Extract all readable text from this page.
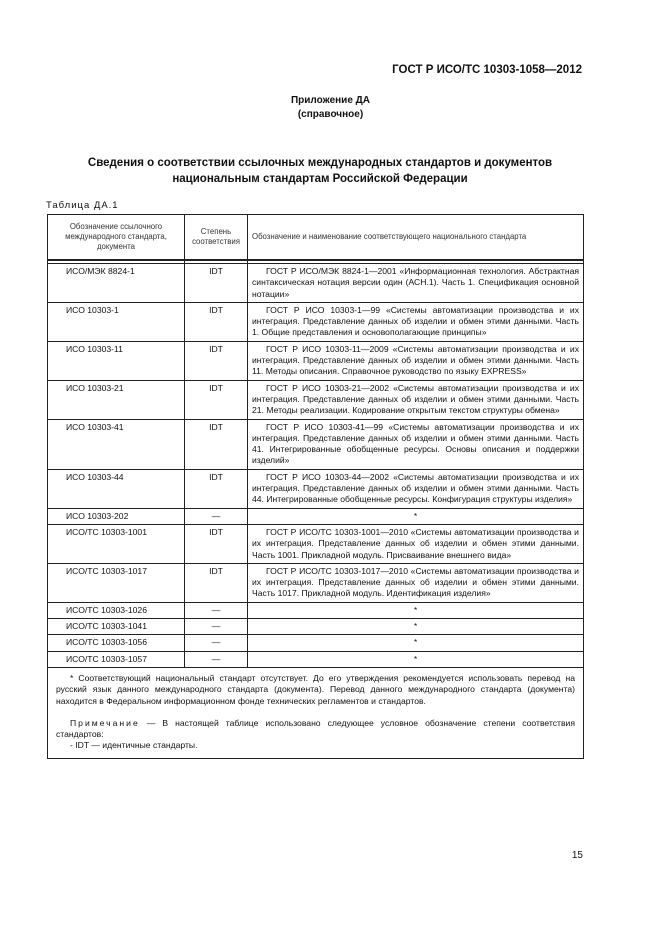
ГОСТ Р ИСО/ТС 10303-1058—2012
Приложение ДА
(справочное)
Сведения о соответствии ссылочных международных стандартов и документов
национальным стандартам Российской Федерации
Таблица ДА.1
Обозначение ссылочного международного стандарта, документа	Степень соответствия	Обозначение и наименование соответствующего национального стандарта

ИСО/МЭК 8824-1	IDT	ГОСТ Р ИСО/МЭК 8824-1—2001 «Информационная технология. Абстрактная синтаксическая нотация версии один (АСН.1). Часть 1. Спецификация основной нотации»
ИСО 10303-1	IDT	ГОСТ Р ИСО 10303-1—99 «Системы автоматизации производства и их интеграция. Представление данных об изделии и обмен этими данными. Часть 1. Общие представления и основополагающие принципы»
ИСО 10303-11	IDT	ГОСТ Р ИСО 10303-11—2009 «Системы автоматизации производства и их интеграция. Представление данных об изделии и обмен этими данными. Часть 11. Методы описания. Справочное руководство по языку EXPRESS»
ИСО 10303-21	IDT	ГОСТ Р ИСО 10303-21—2002 «Системы автоматизации производства и их интеграция. Представление данных об изделии и обмен этими данными. Часть 21. Методы реализации. Кодирование открытым текстом структуры обмена»
ИСО 10303-41	IDT	ГОСТ Р ИСО 10303-41—99 «Системы автоматизации производства и их интеграция. Представление данных об изделии и обмен этими данными. Часть 41. Интегрированные обобщенные ресурсы. Основы описания и поддержки изделий»
ИСО 10303-44	IDT	ГОСТ Р ИСО 10303-44—2002 «Системы автоматизации производства и их интеграция. Представление данных об изделии и обмен этими данными. Часть 44. Интегрированные обобщенные ресурсы. Конфигурация структуры изделия»
ИСО 10303-202	—	*
ИСО/ТС 10303-1001	IDT	ГОСТ Р ИСО/ТС 10303-1001—2010 «Системы автоматизации производства и их интеграция. Представление данных об изделии и обмен этими данными. Часть 1001. Прикладной модуль. Присваивание внешнего вида»
ИСО/ТС 10303-1017	IDT	ГОСТ Р ИСО/ТС 10303-1017—2010 «Системы автоматизации производства и их интеграция. Представление данных об изделии и обмен этими данными. Часть 1017. Прикладной модуль. Идентификация изделия»
ИСО/ТС 10303-1026	—	*
ИСО/ТС 10303-1041	—	*
ИСО/ТС 10303-1056	—	*
ИСО/ТС 10303-1057	—	*

* Соответствующий национальный стандарт отсутствует. До его утверждения рекомендуется использовать перевод на русский язык данного международного стандарта (документа). Перевод данного международного стандарта (документа) находится в Федеральном информационном фонде технических регламентов и стандартов.
Примечание — В настоящей таблице использовано следующее условное обозначение степени соответствия стандартов:
- IDT — идентичные стандарты.		
15
